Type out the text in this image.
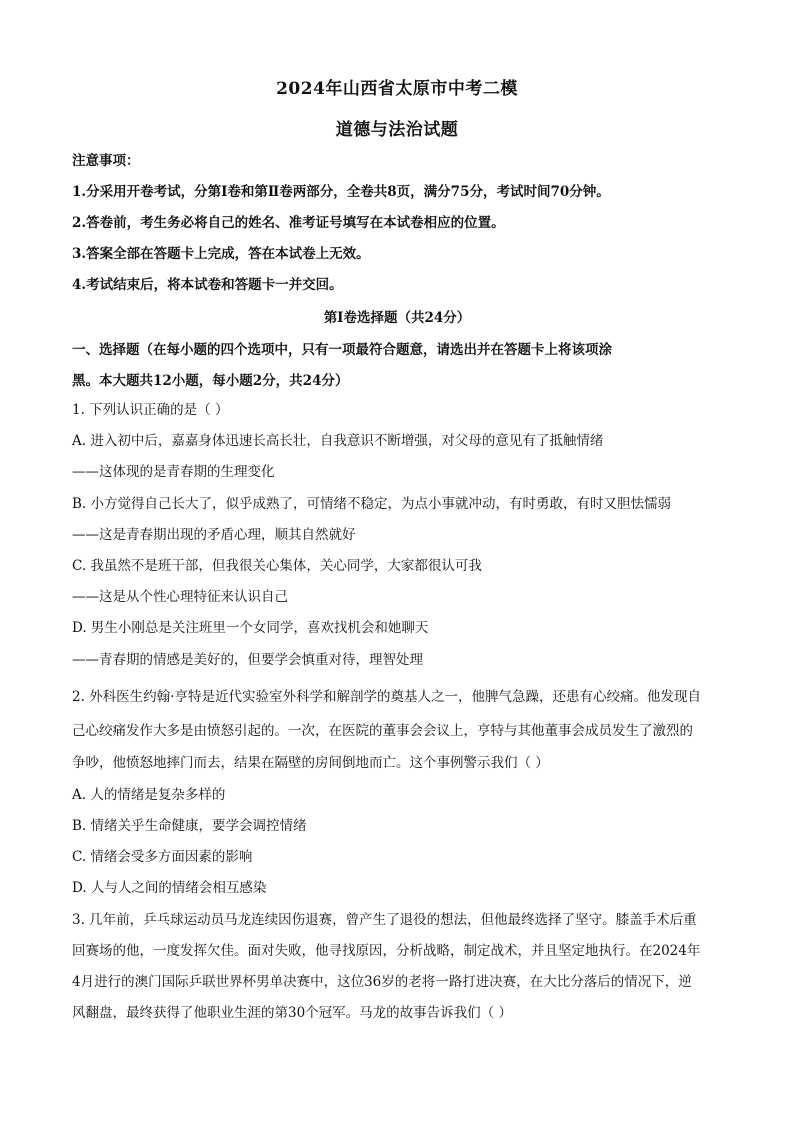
2024年山西省太原市中考二模
道德与法治试题
注意事项：
1.分采用开卷考试，分第Ⅰ卷和第Ⅱ卷两部分，全卷共8页，满分75分，考试时间70分钟。
2.答卷前，考生务必将自己的姓名、准考证号填写在本试卷相应的位置。
3.答案全部在答题卡上完成，答在本试卷上无效。
4.考试结束后，将本试卷和答题卡一并交回。
第Ⅰ卷选择题（共24分）
一、选择题（在每小题的四个选项中，只有一项最符合题意，请选出并在答题卡上将该项涂
黑。本大题共12小题，每小题2分，共24分）
1. 下列认识正确的是（ ）
A. 进入初中后，嘉嘉身体迅速长高长壮，自我意识不断增强，对父母的意见有了抵触情绪
——这体现的是青春期的生理变化
B. 小方觉得自己长大了，似乎成熟了，可情绪不稳定，为点小事就冲动，有时勇敢，有时又胆怯懦弱
——这是青春期出现的矛盾心理，顺其自然就好
C. 我虽然不是班干部，但我很关心集体，关心同学，大家都很认可我
——这是从个性心理特征来认识自己
D. 男生小刚总是关注班里一个女同学，喜欢找机会和她聊天
——青春期的情感是美好的，但要学会慎重对待，理智处理
2. 外科医生约翰·亨特是近代实验室外科学和解剖学的奠基人之一，他脾气急躁，还患有心绞痛。他发现自
己心绞痛发作大多是由愤怒引起的。一次，在医院的董事会会议上，亨特与其他董事会成员发生了激烈的
争吵，他愤怒地摔门而去，结果在隔壁的房间倒地而亡。这个事例警示我们（ ）
A. 人的情绪是复杂多样的
B. 情绪关乎生命健康，要学会调控情绪
C. 情绪会受多方面因素的影响
D. 人与人之间的情绪会相互感染
3. 几年前，乒乓球运动员马龙连续因伤退赛，曾产生了退役的想法，但他最终选择了坚守。膝盖手术后重
回赛场的他，一度发挥欠佳。面对失败，他寻找原因，分析战略，制定战术，并且坚定地执行。在2024年
4月进行的澳门国际乒联世界杯男单决赛中，这位36岁的老将一路打进决赛，在大比分落后的情况下，逆
风翻盘，最终获得了他职业生涯的第30个冠军。马龙的故事告诉我们（ ）
